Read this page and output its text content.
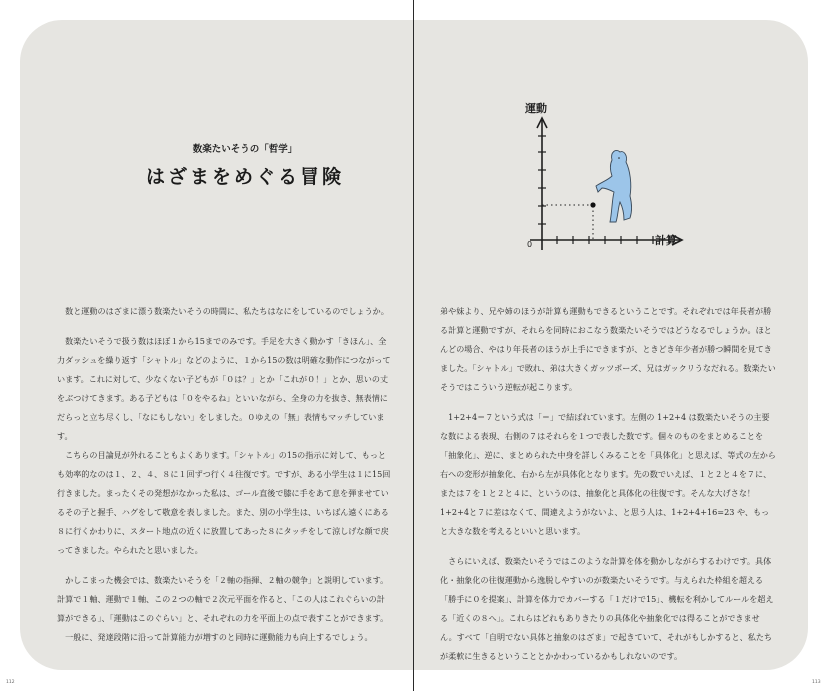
数楽たいそうの「哲学」
はざまをめぐる冒険

数と運動のはざまに漂う数楽たいそうの時間に、私たちはなにをしているのでしょうか。

数楽たいそうで扱う数はほぼ１から15までのみです。手足を大きく動かす「きほん」、全力ダッシュを繰り返す「シャトル」などのように、１から15の数は明確な動作につながっています。これに対して、少なくない子どもが「０は？」とか「これが０！」とか、思いの丈をぶつけてきます。ある子どもは「０をやるね」といいながら、全身の力を抜き、無表情にだらっと立ち尽くし、「なにもしない」をしました。０ゆえの「無」表情もマッチしています。

こちらの目論見が外れることもよくあります。「シャトル」の15の指示に対して、もっとも効率的なのは１、２、４、８に１回ずつ行く４往復です。ですが、ある小学生は１に15回行きました。まったくその発想がなかった私は、ゴール直後で膝に手をあて息を弾ませているその子と握手、ハグをして敬意を表しました。また、別の小学生は、いちばん遠くにある８に行くかわりに、スタート地点の近くに放置してあった８にタッチをして涼しげな顔で戻ってきました。やられたと思いました。

かしこまった機会では、数楽たいそうを「２軸の指揮、２軸の競争」と説明しています。計算で１軸、運動で１軸、この２つの軸で２次元平面を作ると、「この人はこれぐらいの計算ができる」、「運動はこのぐらい」と、それぞれの力を平面上の点で表すことができます。

一般に、発達段階に沿って計算能力が増すのと同時に運動能力も向上するでしょう。

運動
計算
0

弟や妹より、兄や姉のほうが計算も運動もできるということです。それぞれでは年長者が勝る計算と運動ですが、それらを同時におこなう数楽たいそうではどうなるでしょうか。ほとんどの場合、やはり年長者のほうが上手にできますが、ときどき年少者が勝つ瞬間を見てきました。「シャトル」で敗れ、弟は大きくガッツポーズ、兄はガックリうなだれる。数楽たいそうではこういう逆転が起こります。

1+2+4＝７という式は「＝」で結ばれています。左側の 1+2+4 は数楽たいそうの主要な数による表現、右側の７はそれらを１つで表した数です。個々のものをまとめることを「抽象化」、逆に、まとめられた中身を詳しくみることを「具体化」と思えば、等式の左から右への変形が抽象化、右から左が具体化となります。先の数でいえば、１と２と４を７に、または７を１と２と４に、というのは、抽象化と具体化の往復です。そんな大げさな！ 1+2+4と７に差はなくて、間違えようがないよ、と思う人は、1+2+4+16=23 や、もっと大きな数を考えるといいと思います。

さらにいえば、数楽たいそうではこのような計算を体を動かしながらするわけです。具体化・抽象化の往復運動から逸脱しやすいのが数楽たいそうです。与えられた枠組を超える「勝手に０を提案」、計算を体力でカバーする「１だけで15」、機転を利かしてルールを超える「近くの８へ」。これらはどれもありきたりの具体化や抽象化では得ることができません。すべて「自明でない具体と抽象のはざま」で起きていて、それがもしかすると、私たちが柔軟に生きるということとかかわっているかもしれないのです。

112	113
